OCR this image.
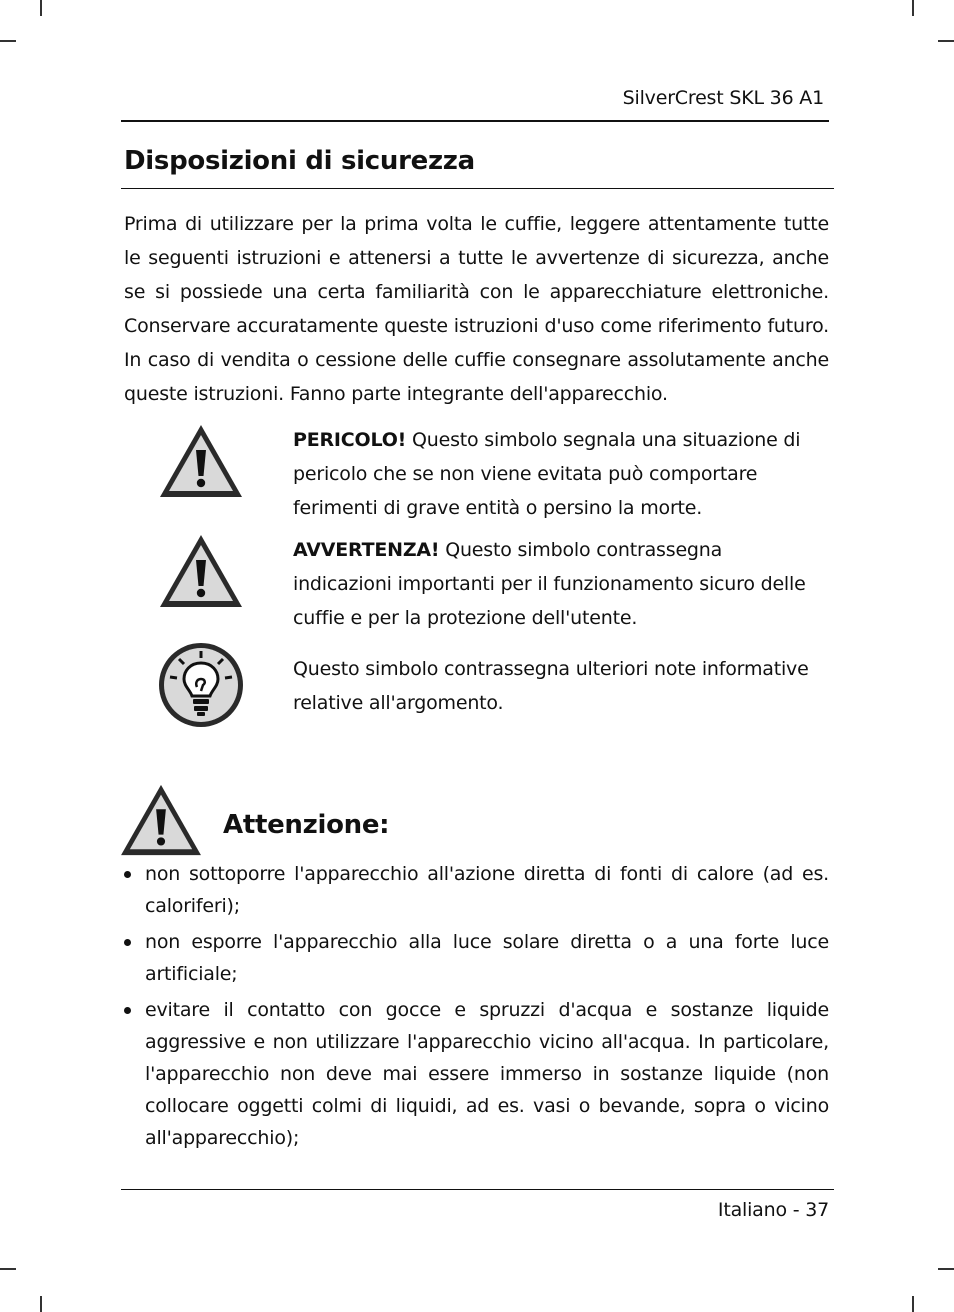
SilverCrest SKL 36 A1
Disposizioni di sicurezza

Prima di utilizzare per la prima volta le cuffie, leggere attentamente tutte le seguenti istruzioni e attenersi a tutte le avvertenze di sicurezza, anche se si possiede una certa familiarità con le apparecchiature elettroniche. Conservare accuratamente queste istruzioni d'uso come riferimento futuro. In caso di vendita o cessione delle cuffie consegnare assolutamente anche queste istruzioni. Fanno parte integrante dell'apparecchio.

PERICOLO! Questo simbolo segnala una situazione di pericolo che se non viene evitata può comportare ferimenti di grave entità o persino la morte.

AVVERTENZA! Questo simbolo contrassegna indicazioni importanti per il funzionamento sicuro delle cuffie e per la protezione dell'utente.

Questo simbolo contrassegna ulteriori note informative relative all'argomento.

Attenzione:
non sottoporre l'apparecchio all'azione diretta di fonti di calore (ad es. caloriferi);
non esporre l'apparecchio alla luce solare diretta o a una forte luce artificiale;
evitare il contatto con gocce e spruzzi d'acqua e sostanze liquide aggressive e non utilizzare l'apparecchio vicino all'acqua. In particolare, l'apparecchio non deve mai essere immerso in sostanze liquide (non collocare oggetti colmi di liquidi, ad es. vasi o bevande, sopra o vicino all'apparecchio);
Italiano - 37
